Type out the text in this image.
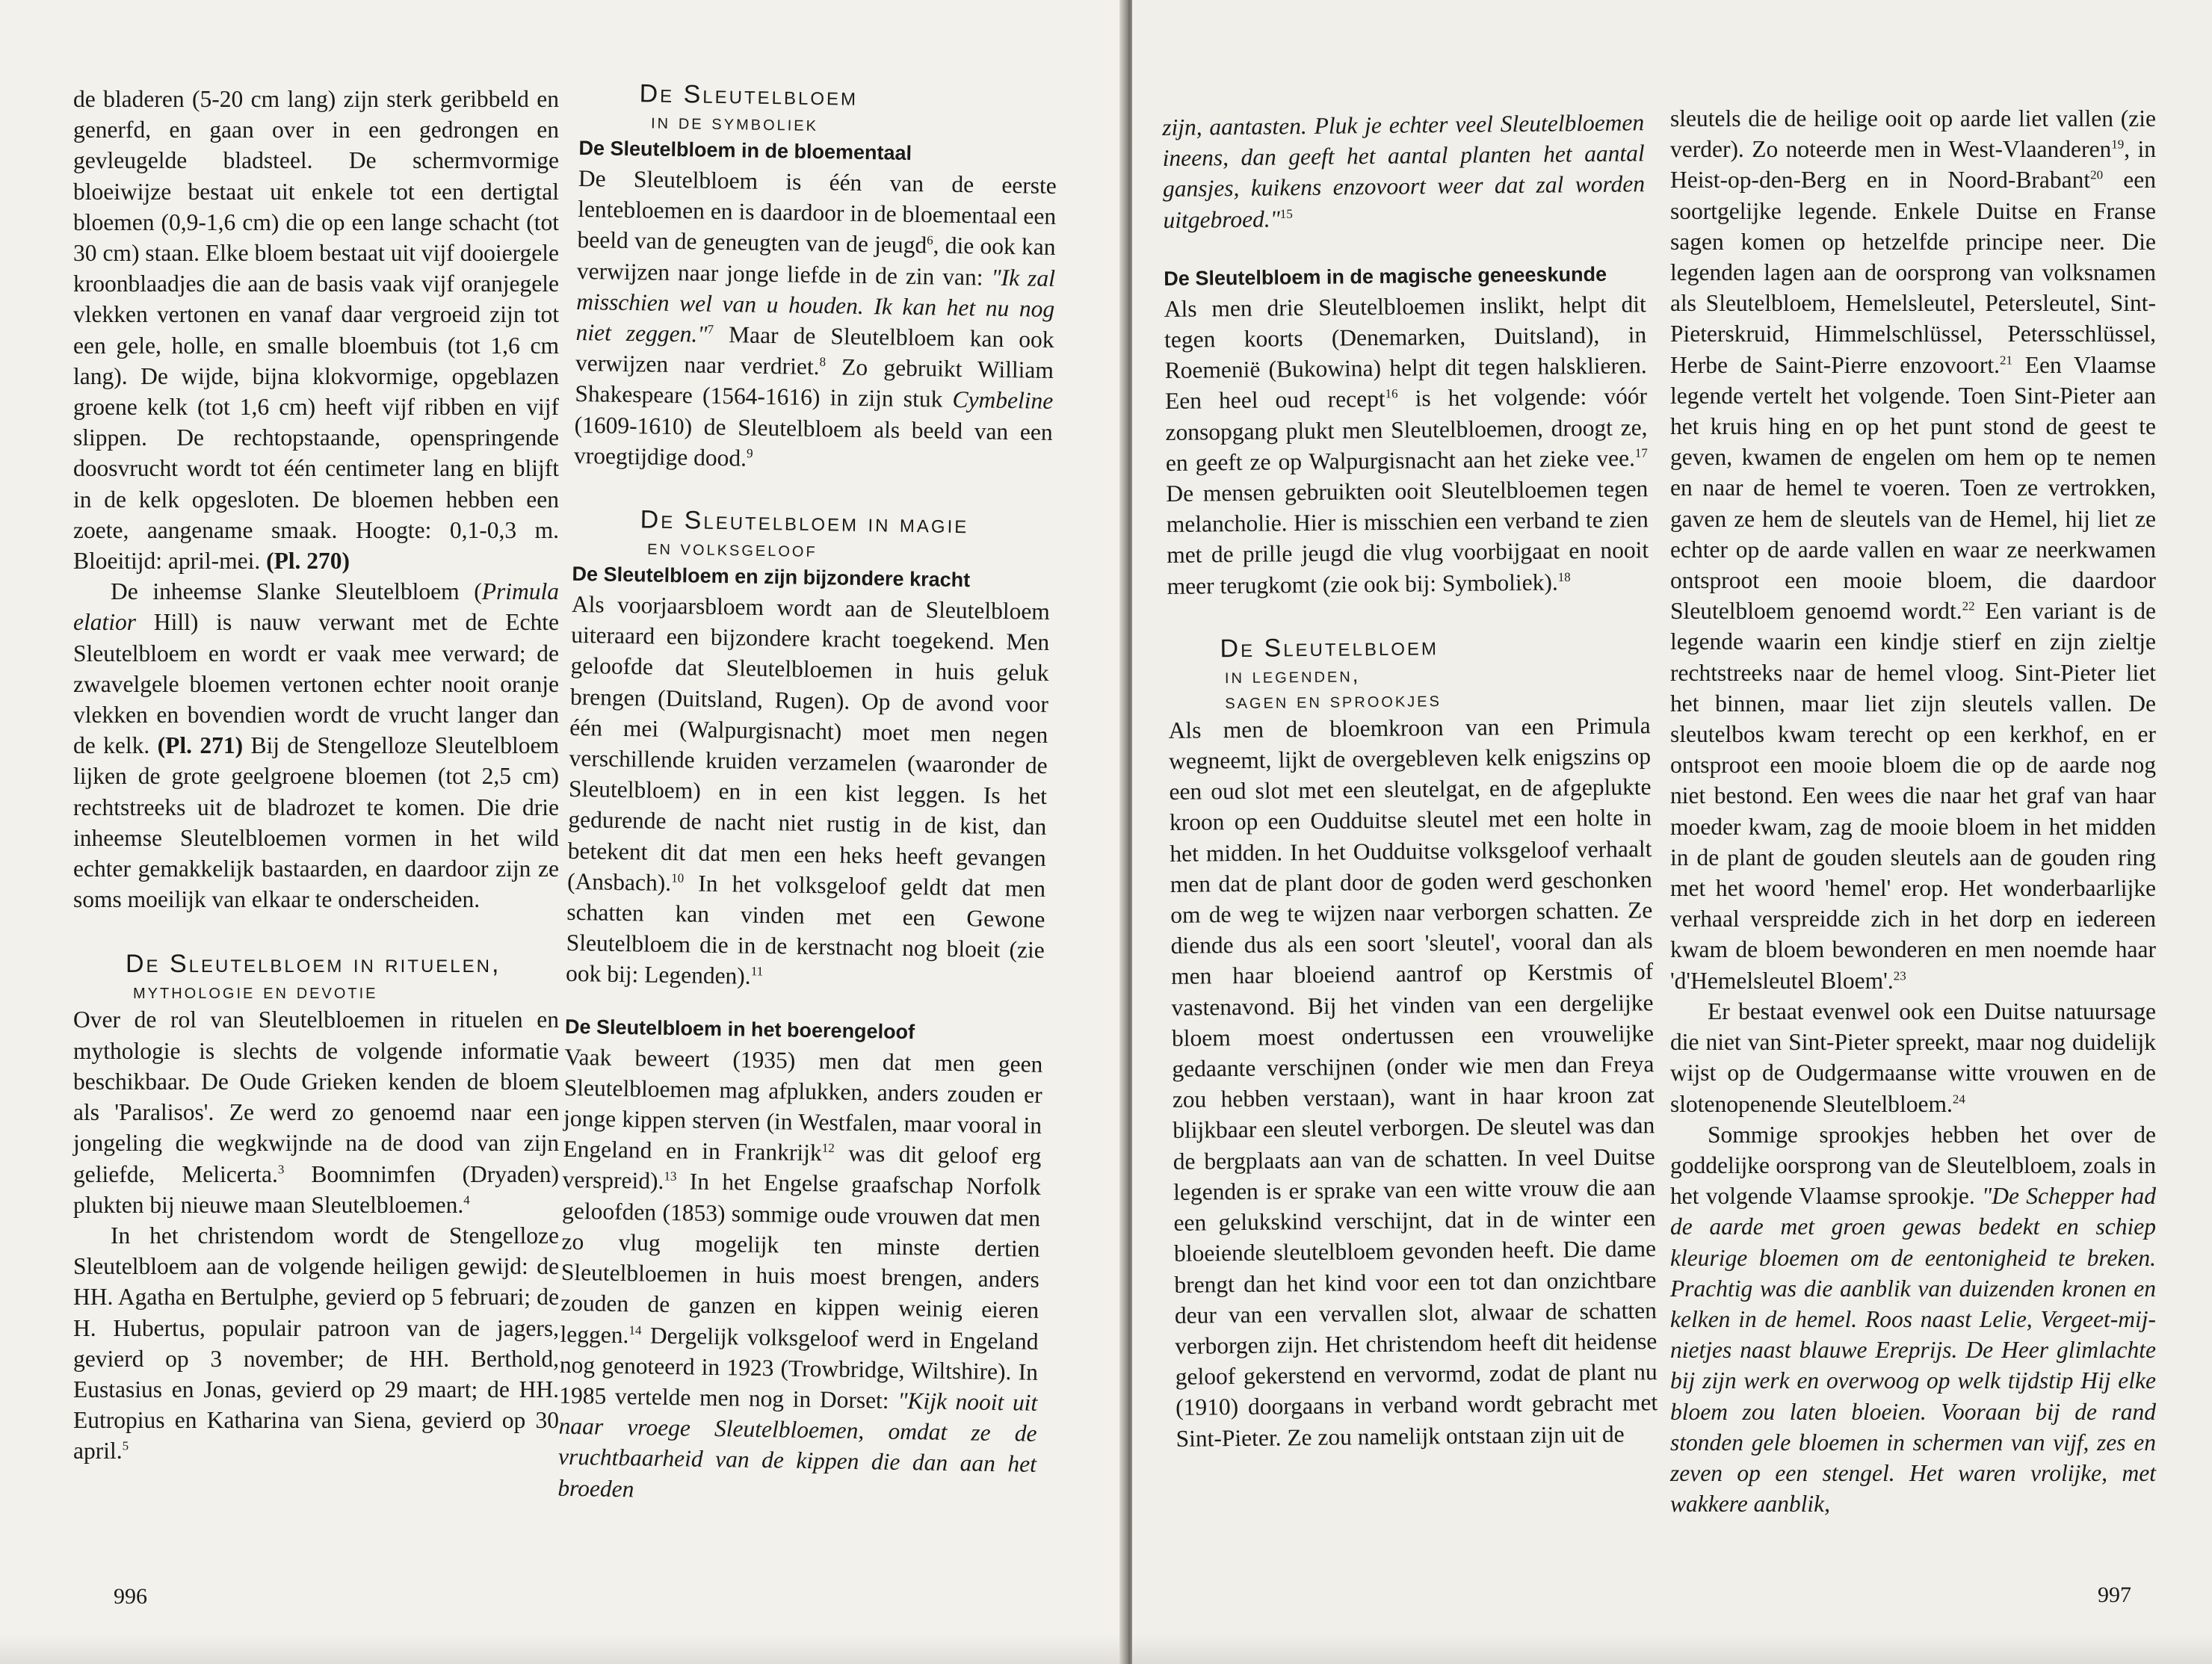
de bladeren (5-20 cm lang) zijn sterk geribbeld en generfd, en gaan over in een gedrongen en gevleugelde bladsteel. De schermvormige bloeiwijze bestaat uit enkele tot een dertigtal bloemen (0,9-1,6 cm) die op een lange schacht (tot 30 cm) staan. Elke bloem bestaat uit vijf dooiergele kroonblaadjes die aan de basis vaak vijf oranjegele vlekken vertonen en vanaf daar vergroeid zijn tot een gele, holle, en smalle bloembuis (tot 1,6 cm lang). De wijde, bijna klokvormige, opgeblazen groene kelk (tot 1,6 cm) heeft vijf ribben en vijf slippen. De rechtopstaande, openspringende doosvrucht wordt tot één centimeter lang en blijft in de kelk opgesloten. De bloemen hebben een zoete, aangename smaak. Hoogte: 0,1-0,3 m. Bloeitijd: april-mei. (Pl. 270)

De inheemse Slanke Sleutelbloem (Primula elatior Hill) is nauw verwant met de Echte Sleutelbloem en wordt er vaak mee verward; de zwavelgele bloemen vertonen echter nooit oranje vlekken en bovendien wordt de vrucht langer dan de kelk. (Pl. 271) Bij de Stengelloze Sleutelbloem lijken de grote geelgroene bloemen (tot 2,5 cm) rechtstreeks uit de bladrozet te komen. Die drie inheemse Sleutelbloemen vormen in het wild echter gemakkelijk bastaarden, en daardoor zijn ze soms moeilijk van elkaar te onderscheiden.

De Sleutelbloem in rituelen,

mythologie en devotie

Over de rol van Sleutelbloemen in rituelen en mythologie is slechts de volgende informatie beschikbaar. De Oude Grieken kenden de bloem als 'Paralisos'. Ze werd zo genoemd naar een jongeling die wegkwijnde na de dood van zijn geliefde, Melicerta.$^3$ Boomnimfen (Dryaden) plukten bij nieuwe maan Sleutelbloemen.$^4$

In het christendom wordt de Stengelloze Sleutelbloem aan de volgende heiligen gewijd: de HH. Agatha en Bertulphe, gevierd op 5 februari; de H. Hubertus, populair patroon van de jagers, gevierd op 3 november; de HH. Berthold, Eustasius en Jonas, gevierd op 29 maart; de HH. Eutropius en Katharina van Siena, gevierd op 30 april.$^5$

De Sleutelbloem

in de symboliek

De Sleutelbloem in de bloementaal

De Sleutelbloem is één van de eerste lentebloemen en is daardoor in de bloementaal een beeld van de geneugten van de jeugd$^6$, die ook kan verwijzen naar jonge liefde in de zin van: "Ik zal misschien wel van u houden. Ik kan het nu nog niet zeggen."$^7$ Maar de Sleutelbloem kan ook verwijzen naar verdriet.$^8$ Zo gebruikt William Shakespeare (1564-1616) in zijn stuk Cymbeline (1609-1610) de Sleutelbloem als beeld van een vroegtijdige dood.$^9$

De Sleutelbloem in magie

en volksgeloof

De Sleutelbloem en zijn bijzondere kracht

Als voorjaarsbloem wordt aan de Sleutelbloem uiteraard een bijzondere kracht toegekend. Men geloofde dat Sleutelbloemen in huis geluk brengen (Duitsland, Rugen). Op de avond voor één mei (Walpurgisnacht) moet men negen verschillende kruiden verzamelen (waaronder de Sleutelbloem) en in een kist leggen. Is het gedurende de nacht niet rustig in de kist, dan betekent dit dat men een heks heeft gevangen (Ansbach).$^{10}$ In het volksgeloof geldt dat men schatten kan vinden met een Gewone Sleutelbloem die in de kerstnacht nog bloeit (zie ook bij: Legenden).$^{11}$

De Sleutelbloem in het boerengeloof

Vaak beweert (1935) men dat men geen Sleutelbloemen mag afplukken, anders zouden er jonge kippen sterven (in Westfalen, maar vooral in Engeland en in Frankrijk$^{12}$ was dit geloof erg verspreid).$^{13}$ In het Engelse graafschap Norfolk geloofden (1853) sommige oude vrouwen dat men zo vlug mogelijk ten minste dertien Sleutelbloemen in huis moest brengen, anders zouden de ganzen en kippen weinig eieren leggen.$^{14}$ Dergelijk volksgeloof werd in Engeland nog genoteerd in 1923 (Trowbridge, Wiltshire). In 1985 vertelde men nog in Dorset: "Kijk nooit uit naar vroege Sleutelbloemen, omdat ze de vruchtbaarheid van de kippen die dan aan het broeden

996

zijn, aantasten. Pluk je echter veel Sleutelbloemen ineens, dan geeft het aantal planten het aantal gansjes, kuikens enzovoort weer dat zal worden uitgebroed."$^{15}$

De Sleutelbloem in de magische geneeskunde

Als men drie Sleutelbloemen inslikt, helpt dit tegen koorts (Denemarken, Duitsland), in Roemenië (Bukowina) helpt dit tegen halsklieren. Een heel oud recept$^{16}$ is het volgende: vóór zonsopgang plukt men Sleutelbloemen, droogt ze, en geeft ze op Walpurgisnacht aan het zieke vee.$^{17}$ De mensen gebruikten ooit Sleutelbloemen tegen melancholie. Hier is misschien een verband te zien met de prille jeugd die vlug voorbijgaat en nooit meer terugkomt (zie ook bij: Symboliek).$^{18}$

De Sleutelbloem

in legenden,

sagen en sprookjes

Als men de bloemkroon van een Primula wegneemt, lijkt de overgebleven kelk enigszins op een oud slot met een sleutelgat, en de afgeplukte kroon op een Oudduitse sleutel met een holte in het midden. In het Oudduitse volksgeloof verhaalt men dat de plant door de goden werd geschonken om de weg te wijzen naar verborgen schatten. Ze diende dus als een soort 'sleutel', vooral dan als men haar bloeiend aantrof op Kerstmis of vastenavond. Bij het vinden van een dergelijke bloem moest ondertussen een vrouwelijke gedaante verschijnen (onder wie men dan Freya zou hebben verstaan), want in haar kroon zat blijkbaar een sleutel verborgen. De sleutel was dan de bergplaats aan van de schatten. In veel Duitse legenden is er sprake van een witte vrouw die aan een gelukskind verschijnt, dat in de winter een bloeiende sleutelbloem gevonden heeft. Die dame brengt dan het kind voor een tot dan onzichtbare deur van een vervallen slot, alwaar de schatten verborgen zijn. Het christendom heeft dit heidense geloof gekerstend en vervormd, zodat de plant nu (1910) doorgaans in verband wordt gebracht met Sint-Pieter. Ze zou namelijk ontstaan zijn uit de

sleutels die de heilige ooit op aarde liet vallen (zie verder). Zo noteerde men in West-Vlaanderen$^{19}$, in Heist-op-den-Berg en in Noord-Brabant$^{20}$ een soortgelijke legende. Enkele Duitse en Franse sagen komen op hetzelfde principe neer. Die legenden lagen aan de oorsprong van volksnamen als Sleutelbloem, Hemelsleutel, Petersleutel, Sint-Pieterskruid, Himmelschlüssel, Petersschlüssel, Herbe de Saint-Pierre enzovoort.$^{21}$ Een Vlaamse legende vertelt het volgende. Toen Sint-Pieter aan het kruis hing en op het punt stond de geest te geven, kwamen de engelen om hem op te nemen en naar de hemel te voeren. Toen ze vertrokken, gaven ze hem de sleutels van de Hemel, hij liet ze echter op de aarde vallen en waar ze neerkwamen ontsproot een mooie bloem, die daardoor Sleutelbloem genoemd wordt.$^{22}$ Een variant is de legende waarin een kindje stierf en zijn zieltje rechtstreeks naar de hemel vloog. Sint-Pieter liet het binnen, maar liet zijn sleutels vallen. De sleutelbos kwam terecht op een kerkhof, en er ontsproot een mooie bloem die op de aarde nog niet bestond. Een wees die naar het graf van haar moeder kwam, zag de mooie bloem in het midden in de plant de gouden sleutels aan de gouden ring met het woord 'hemel' erop. Het wonderbaarlijke verhaal verspreidde zich in het dorp en iedereen kwam de bloem bewonderen en men noemde haar 'd'Hemelsleutel Bloem'.$^{23}$

Er bestaat evenwel ook een Duitse natuursage die niet van Sint-Pieter spreekt, maar nog duidelijk wijst op de Oudgermaanse witte vrouwen en de slotenopenende Sleutelbloem.$^{24}$

Sommige sprookjes hebben het over de goddelijke oorsprong van de Sleutelbloem, zoals in het volgende Vlaamse sprookje. "De Schepper had de aarde met groen gewas bedekt en schiep kleurige bloemen om de eentonigheid te breken. Prachtig was die aanblik van duizenden kronen en kelken in de hemel. Roos naast Lelie, Vergeet-mij-nietjes naast blauwe Ereprijs. De Heer glimlachte bij zijn werk en overwoog op welk tijdstip Hij elke bloem zou laten bloeien. Vooraan bij de rand stonden gele bloemen in schermen van vijf, zes en zeven op een stengel. Het waren vrolijke, met wakkere aanblik,

997
